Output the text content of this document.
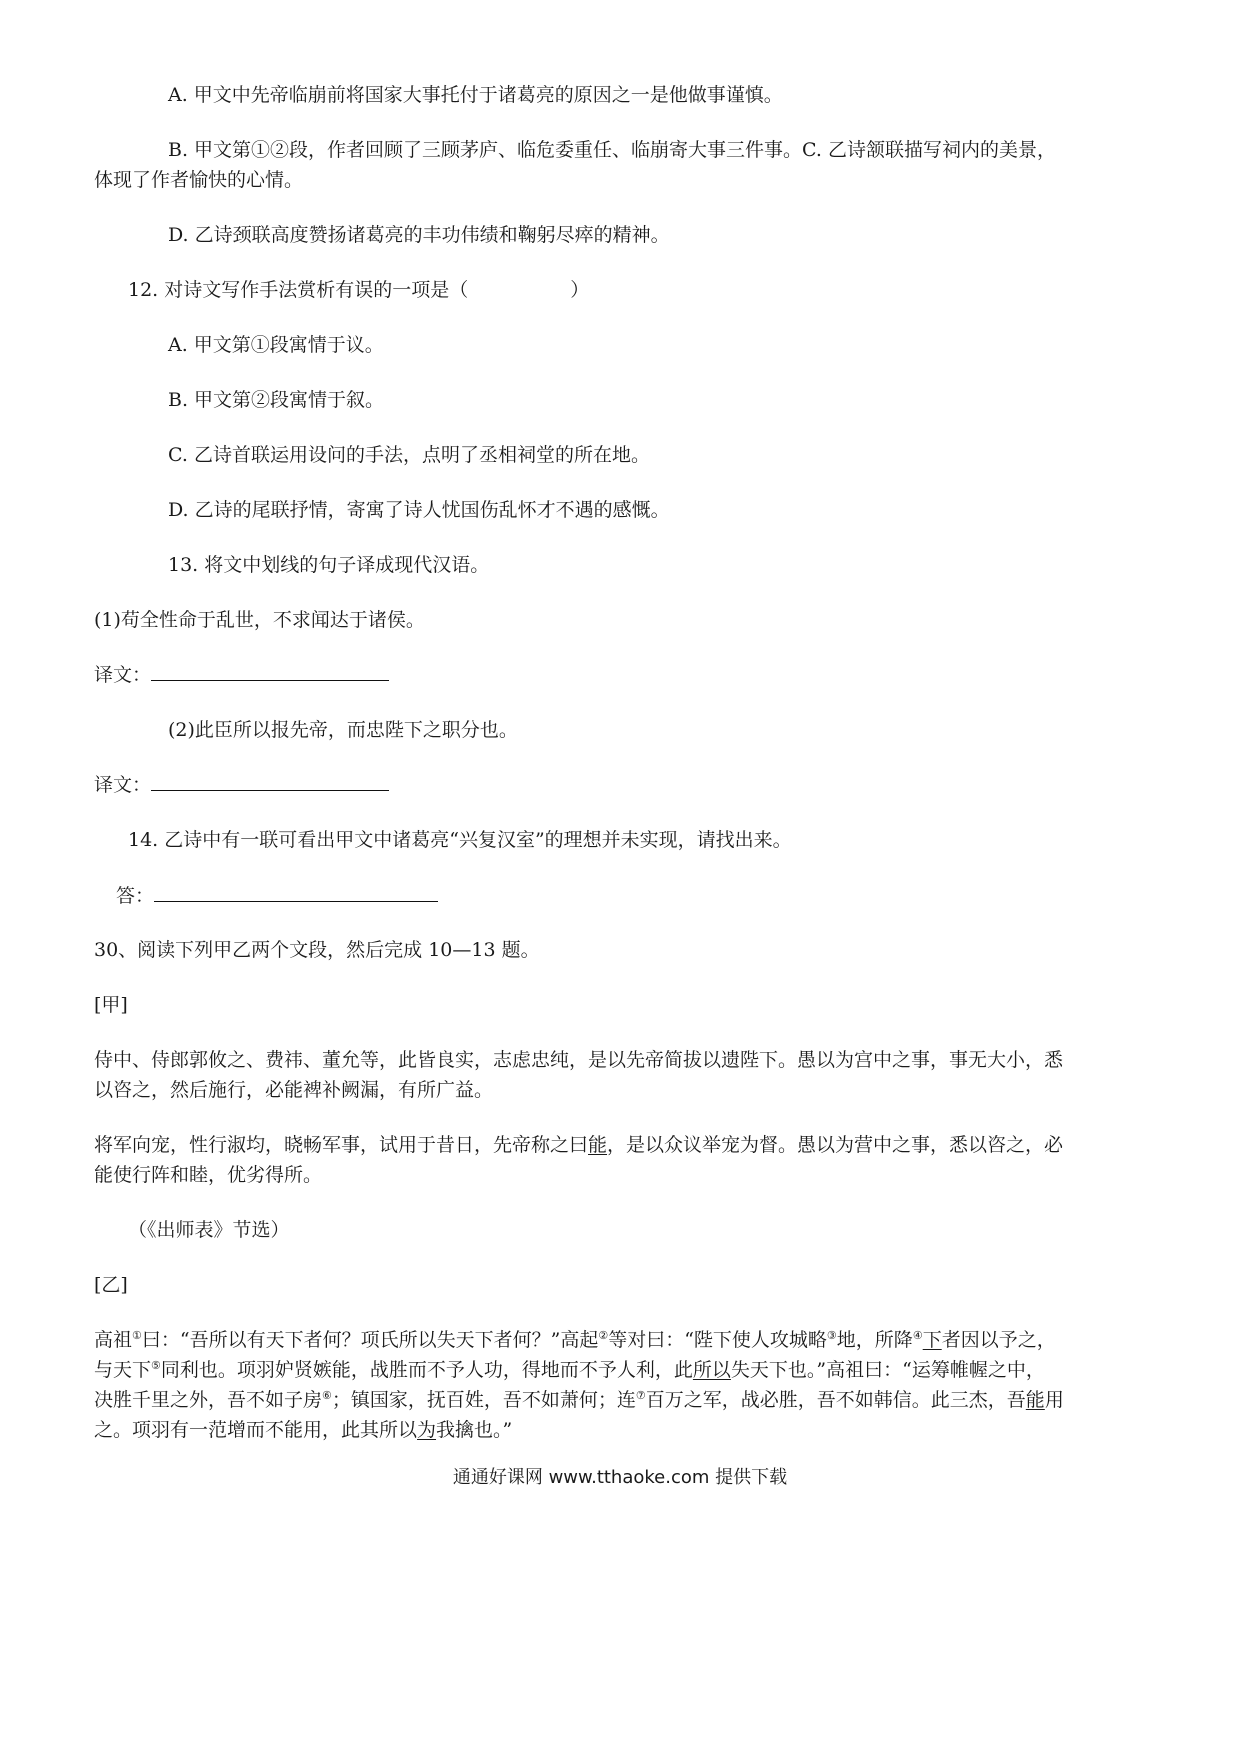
A. 甲文中先帝临崩前将国家大事托付于诸葛亮的原因之一是他做事谨慎。
B. 甲文第①②段，作者回顾了三顾茅庐、临危委重任、临崩寄大事三件事。C. 乙诗颔联描写祠内的美景，
体现了作者愉快的心情。
D. 乙诗颈联高度赞扬诸葛亮的丰功伟绩和鞠躬尽瘁的精神。
12. 对诗文写作手法赏析有误的一项是（	）
A. 甲文第①段寓情于议。
B. 甲文第②段寓情于叙。
C. 乙诗首联运用设问的手法，点明了丞相祠堂的所在地。
D. 乙诗的尾联抒情，寄寓了诗人忧国伤乱怀才不遇的感慨。
13. 将文中划线的句子译成现代汉语。
(1)苟全性命于乱世，不求闻达于诸侯。
译文：
(2)此臣所以报先帝，而忠陛下之职分也。
译文：
14. 乙诗中有一联可看出甲文中诸葛亮“兴复汉室”的理想并未实现，请找出来。
答：
30、阅读下列甲乙两个文段，然后完成 10—13 题。
[甲]
侍中、侍郎郭攸之、费祎、董允等，此皆良实，志虑忠纯，是以先帝简拔以遗陛下。愚以为宫中之事，事无大小，悉
以咨之，然后施行，必能裨补阙漏，有所广益。
将军向宠，性行淑均，晓畅军事，试用于昔日，先帝称之曰能，是以众议举宠为督。愚以为营中之事，悉以咨之，必
能使行阵和睦，优劣得所。
（《出师表》节选）
[乙]
高祖①曰：“吾所以有天下者何？项氏所以失天下者何？”高起②等对曰：“陛下使人攻城略③地，所降④下者因以予之，
与天下⑤同利也。项羽妒贤嫉能，战胜而不予人功，得地而不予人利，此所以失天下也。”高祖曰：“运筹帷幄之中，
决胜千里之外，吾不如子房⑥；镇国家，抚百姓，吾不如萧何；连⑦百万之军，战必胜，吾不如韩信。此三杰，吾能用
之。项羽有一范增而不能用，此其所以为我擒也。”
通通好课网 www.tthaoke.com 提供下载
